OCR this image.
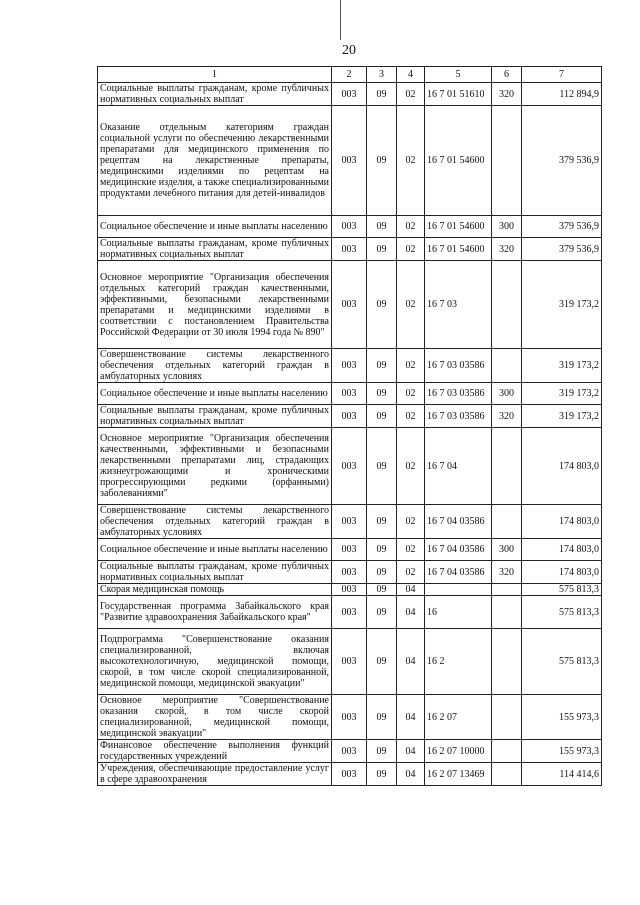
20
1	2	3	4	5	6	7
Социальные выплаты гражданам, кроме публичных нормативных социальных выплат	003	09	02	16 7 01 51610	320	112 894,9
Оказание отдельным категориям граждан социальной услуги по обеспечению лекарственными препаратами для медицинского применения по рецептам на лекарственные препараты, медицинскими изделиями по рецептам на медицинские изделия, а также специализированными продуктами лечебного питания для детей-инвалидов	003	09	02	16 7 01 54600		379 536,9
Социальное обеспечение и иные выплаты населению	003	09	02	16 7 01 54600	300	379 536,9
Социальные выплаты гражданам, кроме публичных нормативных социальных выплат	003	09	02	16 7 01 54600	320	379 536,9
Основное мероприятие "Организация обеспечения отдельных категорий граждан качественными, эффективными, безопасными лекарственными препаратами и медицинскими изделиями в соответствии с постановлением Правительства Российской Федерации от 30 июля 1994 года № 890"	003	09	02	16 7 03		319 173,2
Совершенствование системы лекарственного обеспечения отдельных категорий граждан в амбулаторных условиях	003	09	02	16 7 03 03586		319 173,2
Социальное обеспечение и иные выплаты населению	003	09	02	16 7 03 03586	300	319 173,2
Социальные выплаты гражданам, кроме публичных нормативных социальных выплат	003	09	02	16 7 03 03586	320	319 173,2
Основное мероприятие "Организация обеспечения качественными, эффективными и безопасными лекарственными препаратами лиц, страдающих жизнеугрожающими и хроническими прогрессирующими редкими (орфанными) заболеваниями"	003	09	02	16 7 04		174 803,0
Совершенствование системы лекарственного обеспечения отдельных категорий граждан в амбулаторных условиях	003	09	02	16 7 04 03586		174 803,0
Социальное обеспечение и иные выплаты населению	003	09	02	16 7 04 03586	300	174 803,0
Социальные выплаты гражданам, кроме публичных нормативных социальных выплат	003	09	02	16 7 04 03586	320	174 803,0
Скорая медицинская помощь	003	09	04			575 813,3
Государственная программа Забайкальского края "Развитие здравоохранения Забайкальского края"	003	09	04	16		575 813,3
Подпрограмма "Совершенствование оказания специализированной, включая высокотехнологичную, медицинской помощи, скорой, в том числе скорой специализированной, медицинской помощи, медицинской эвакуации"	003	09	04	16 2		575 813,3
Основное мероприятие "Совершенствование оказания скорой, в том числе скорой специализированной, медицинской помощи, медицинской эвакуации"	003	09	04	16 2 07		155 973,3
Финансовое обеспечение выполнения функций государственных учреждений	003	09	04	16 2 07 10000		155 973,3
Учреждения, обеспечивающие предоставление услуг в сфере здравоохранения	003	09	04	16 2 07 13469		114 414,6
